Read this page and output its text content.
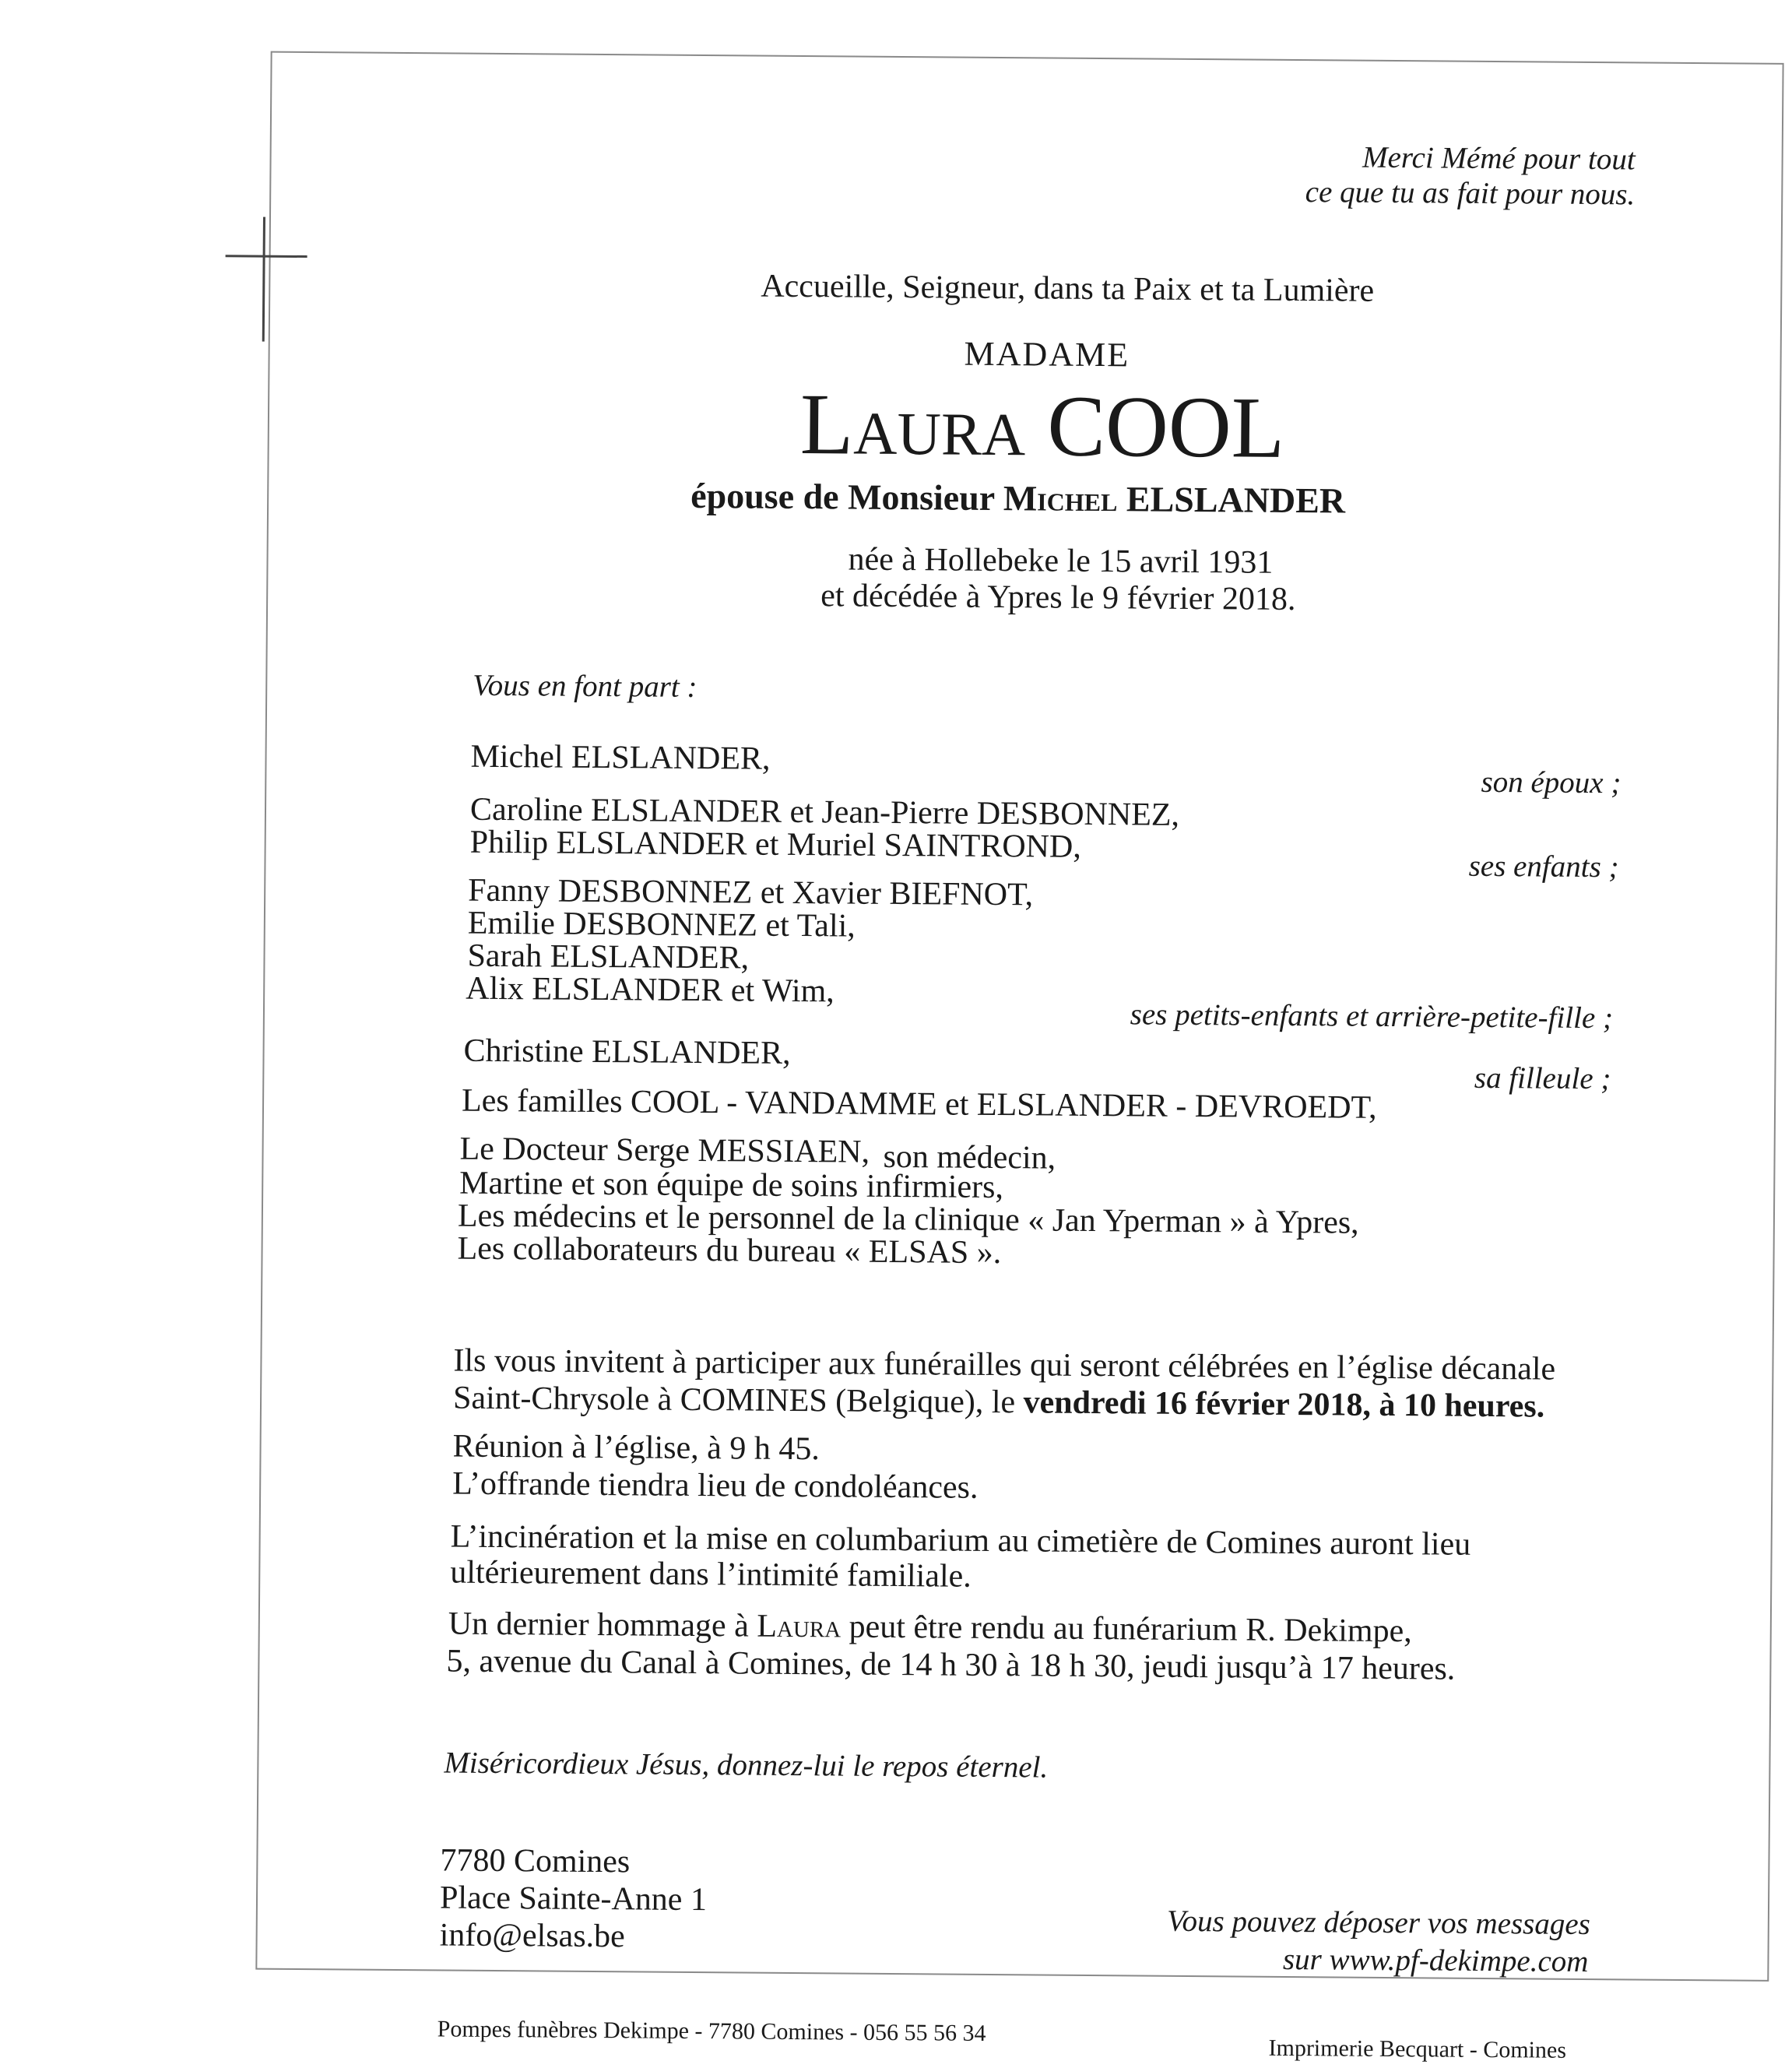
Merci Mémé pour tout
ce que tu as fait pour nous.
Accueille, Seigneur, dans ta Paix et ta Lumière
MADAME
Laura COOL
épouse de Monsieur Michel ELSLANDER
née à Hollebeke le 15 avril 1931
et décédée à Ypres le 9 février 2018.
Vous en font part :
Michel ELSLANDER,
Caroline ELSLANDER et Jean-Pierre DESBONNEZ,
Philip ELSLANDER et Muriel SAINTROND,
Fanny DESBONNEZ et Xavier BIEFNOT,
Emilie DESBONNEZ et Tali,
Sarah ELSLANDER,
Alix ELSLANDER et Wim,
Christine ELSLANDER,
Les familles COOL - VANDAMME et ELSLANDER - DEVROEDT,
Le Docteur Serge MESSIAEN,
Martine et son équipe de soins infirmiers,
Les médecins et le personnel de la clinique « Jan Yperman » à Ypres,
Les collaborateurs du bureau « ELSAS ».
son époux ;
ses enfants ;
ses petits-enfants et arrière-petite-fille ;
sa filleule ;
son médecin,
Ils vous invitent à participer aux funérailles qui seront célébrées en l’église décanale
Saint-Chrysole à COMINES (Belgique), le vendredi 16 février 2018, à 10 heures.
Réunion à l’église, à 9 h 45.
L’offrande tiendra lieu de condoléances.
L’incinération et la mise en columbarium au cimetière de Comines auront lieu
ultérieurement dans l’intimité familiale.
Un dernier hommage à Laura peut être rendu au funérarium R. Dekimpe,
5, avenue du Canal à Comines, de 14 h 30 à 18 h 30, jeudi jusqu’à 17 heures.
Miséricordieux Jésus, donnez-lui le repos éternel.
7780 Comines
Place Sainte-Anne 1
info@elsas.be	Vous pouvez déposer vos messages
sur www.pf-dekimpe.com
Pompes funèbres Dekimpe - 7780 Comines - 056 55 56 34
Imprimerie Becquart - Comines
